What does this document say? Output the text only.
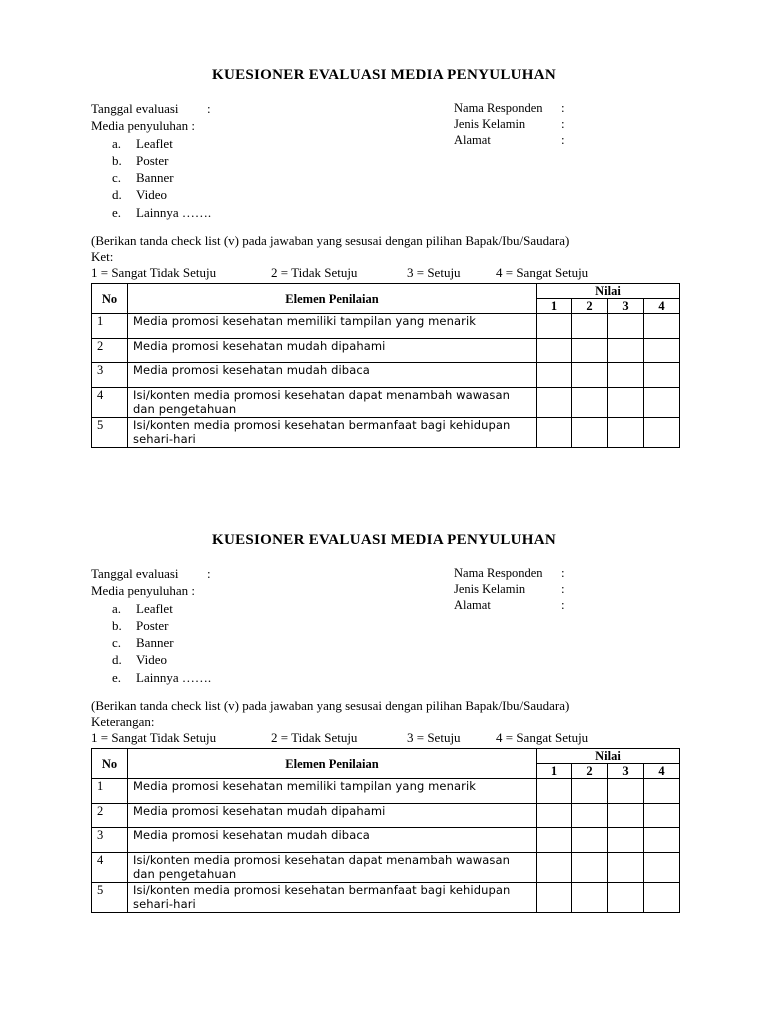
KUESIONER EVALUASI MEDIA PENYULUHAN
Tanggal evaluasi :
Media penyuluhan :
Nama Responden :
Jenis Kelamin	:
Alamat	:
a. Leaflet
b. Poster
c. Banner
d. Video
e. Lainnya …….
(Berikan tanda check list (v) pada jawaban yang sesusai dengan pilihan Bapak/Ibu/Saudara)
Ket:
1 = Sangat Tidak Setuju	2 = Tidak Setuju	3 = Setuju	4 = Sangat Setuju
No	Elemen Penilaian	Nilai			
		1	2	3	4
1	Media promosi kesehatan memiliki tampilan yang menarik

2	Media promosi kesehatan mudah dipahami

3	Media promosi kesehatan mudah dibaca

4	Isi/konten media promosi kesehatan dapat menambah wawasan
dan pengetahuan				
5	Isi/konten media promosi kesehatan bermanfaat bagi kehidupan
sehari-hari				
KUESIONER EVALUASI MEDIA PENYULUHAN
Tanggal evaluasi :
Media penyuluhan :
Nama Responden :
Jenis Kelamin	:
Alamat	:
a. Leaflet
b. Poster
c. Banner
d. Video
e. Lainnya …….
(Berikan tanda check list (v) pada jawaban yang sesusai dengan pilihan Bapak/Ibu/Saudara)
Keterangan:
1 = Sangat Tidak Setuju	2 = Tidak Setuju	3 = Setuju	4 = Sangat Setuju
No	Elemen Penilaian	Nilai			
		1	2	3	4
1	Media promosi kesehatan memiliki tampilan yang menarik

2	Media promosi kesehatan mudah dipahami

3	Media promosi kesehatan mudah dibaca

4	Isi/konten media promosi kesehatan dapat menambah wawasan
dan pengetahuan				
5	Isi/konten media promosi kesehatan bermanfaat bagi kehidupan
sehari-hari				
